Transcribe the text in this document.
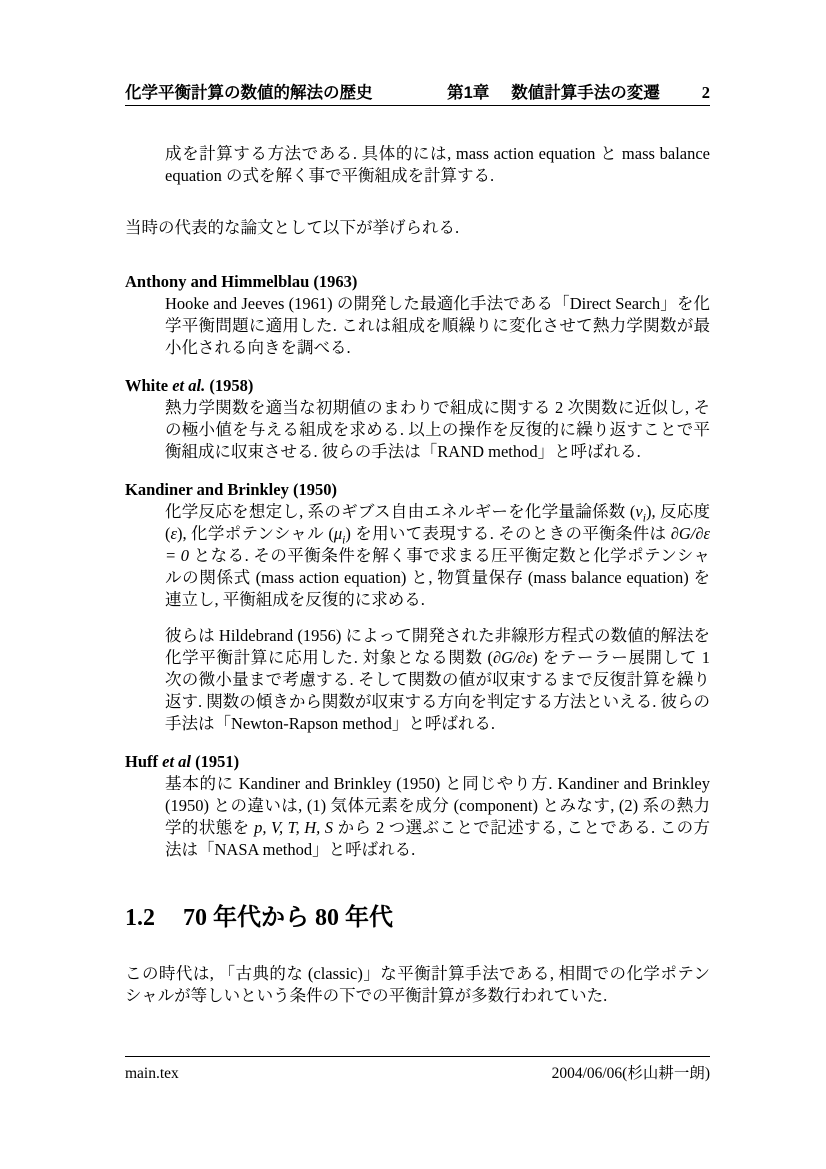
化学平衡計算の数値的解法の歴史	第1章 数値計算手法の変遷	2
成を計算する方法である. 具体的には, mass action equation と mass balance equation の式を解く事で平衡組成を計算する.
当時の代表的な論文として以下が挙げられる.
Anthony and Himmelblau (1963)
Hooke and Jeeves (1961) の開発した最適化手法である「Direct Search」を化学平衡問題に適用した. これは組成を順繰りに変化させて熱力学関数が最小化される向きを調べる.
White et al. (1958)
熱力学関数を適当な初期値のまわりで組成に関する 2 次関数に近似し, その極小値を与える組成を求める. 以上の操作を反復的に繰り返すことで平衡組成に収束させる. 彼らの手法は「RAND method」と呼ばれる.
Kandiner and Brinkley (1950)
化学反応を想定し, 系のギブス自由エネルギーを化学量論係数 $(\nu_i)$, 反応度 (ε), 化学ポテンシャル $(\mu_i)$ を用いて表現する. そのときの平衡条件は ∂G/∂ε = 0 となる. その平衡条件を解く事で求まる圧平衡定数と化学ポテンシャルの関係式 (mass action equation) と, 物質量保存 (mass balance equation) を連立し, 平衡組成を反復的に求める.
彼らは Hildebrand (1956) によって開発された非線形方程式の数値的解法を化学平衡計算に応用した. 対象となる関数 (∂G/∂ε) をテーラー展開して 1 次の微小量まで考慮する. そして関数の値が収束するまで反復計算を繰り返す. 関数の傾きから関数が収束する方向を判定する方法といえる. 彼らの手法は「Newton-Rapson method」と呼ばれる.
Huff et al (1951)
基本的に Kandiner and Brinkley (1950) と同じやり方. Kandiner and Brinkley (1950) との違いは, (1) 気体元素を成分 (component) とみなす, (2) 系の熱力学的状態を p, V, T, H, S から 2 つ選ぶことで記述する, ことである. この方法は「NASA method」と呼ばれる.
1.2 70 年代から 80 年代
この時代は, 「古典的な (classic)」な平衡計算手法である, 相間での化学ポテンシャルが等しいという条件の下での平衡計算が多数行われていた.
main.tex	2004/06/06(杉山耕一朗)
